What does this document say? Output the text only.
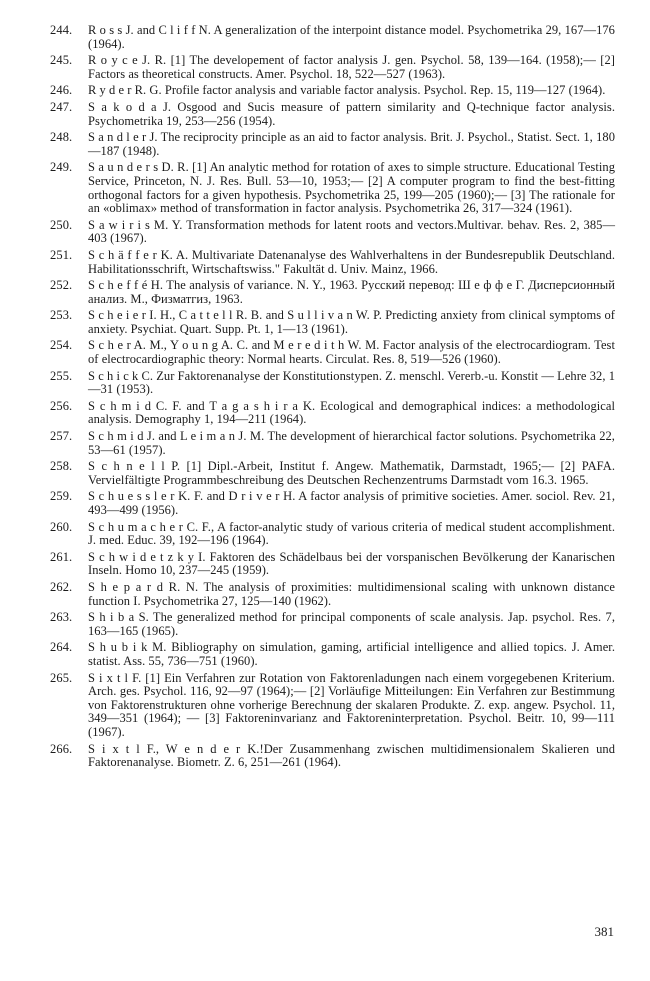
244.	R o s s J. and C l i f f N. A generalization of the interpoint distance model. Psychometrika 29, 167—176 (1964).
245.	R o y c e J. R. [1] The developement of factor analysis J. gen. Psychol. 58, 139—164. (1958);— [2] Factors as theoretical constructs. Amer. Psychol. 18, 522—527 (1963).
246.	R y d e r R. G. Profile factor analysis and variable factor analysis. Psychol. Rep. 15, 119—127 (1964).
247.	S a k o d a J. Osgood and Sucis measure of pattern similarity and Q-technique factor analysis. Psychometrika 19, 253—256 (1954).
248.	S a n d l e r J. The reciprocity principle as an aid to factor analysis. Brit. J. Psychol., Statist. Sect. 1, 180—187 (1948).
249.	S a u n d e r s D. R. [1] An analytic method for rotation of axes to simple structure. Educational Testing Service, Princeton, N. J. Res. Bull. 53—10, 1953;— [2] A computer program to find the best-fitting orthogonal factors for a given hypothesis. Psychometrika 25, 199—205 (1960);— [3] The rationale for an «oblimax» method of transformation in factor analysis. Psychometrika 26, 317—324 (1961).
250.	S a w i r i s M. Y. Transformation methods for latent roots and vectors.Multivar. behav. Res. 2, 385—403 (1967).
251.	S c h ä f f e r K. A. Multivariate Datenanalyse des Wahlverhaltens in der Bundesrepublik Deutschland. Habilitationsschrift, Wirtschaftswiss." Fakultät d. Univ. Mainz, 1966.
252.	S c h e f f é H. The analysis of variance. N. Y., 1963. Русский перевод: Ш е ф ф е Г. Дисперсионный анализ. М., Физматгиз, 1963.
253.	S c h e i e r I. H., C a t t e l l R. B. and S u l l i v a n W. P. Predicting anxiety from clinical symptoms of anxiety. Psychiat. Quart. Supp. Pt. 1, 1—13 (1961).
254.	S c h e r A. M., Y o u n g A. C. and M e r e d i t h W. M. Factor analysis of the electrocardiogram. Test of electrocardiographic theory: Normal hearts. Circulat. Res. 8, 519—526 (1960).
255.	S c h i c k C. Zur Faktorenanalyse der Konstitutionstypen. Z. menschl. Vererb.-u. Konstit — Lehre 32, 1—31 (1953).
256.	S c h m i d C. F. and T a g a s h i r a K. Ecological and demographical indices: a methodological analysis. Demography 1, 194—211 (1964).
257.	S c h m i d J. and L e i m a n J. M. The development of hierarchical factor solutions. Psychometrika 22, 53—61 (1957).
258.	S c h n e l l P. [1] Dipl.-Arbeit, Institut f. Angew. Mathematik, Darmstadt, 1965;— [2] PAFA. Vervielfältigte Programmbeschreibung des Deutschen Rechenzentrums Darmstadt vom 16.3. 1965.
259.	S c h u e s s l e r K. F. and D r i v e r H. A factor analysis of primitive societies. Amer. sociol. Rev. 21, 493—499 (1956).
260.	S c h u m a c h e r C. F., A factor-analytic study of various criteria of medical student accomplishment. J. med. Educ. 39, 192—196 (1964).
261.	S c h w i d e t z k y I. Faktoren des Schädelbaus bei der vorspanischen Bevölkerung der Kanarischen Inseln. Homo 10, 237—245 (1959).
262.	S h e p a r d R. N. The analysis of proximities: multidimensional scaling with unknown distance function I. Psychometrika 27, 125—140 (1962).
263.	S h i b a S. The generalized method for principal components of scale analysis. Jap. psychol. Res. 7, 163—165 (1965).
264.	S h u b i k M. Bibliography on simulation, gaming, artificial intelligence and allied topics. J. Amer. statist. Ass. 55, 736—751 (1960).
265.	S i x t l F. [1] Ein Verfahren zur Rotation von Faktorenladungen nach einem vorgegebenen Kriterium. Arch. ges. Psychol. 116, 92—97 (1964);— [2] Vorläufige Mitteilungen: Ein Verfahren zur Bestimmung von Faktorenstrukturen ohne vorherige Berechnung der skalaren Produkte. Z. exp. angew. Psychol. 11, 349—351 (1964); — [3] Faktoreninvarianz and Faktoreninterpretation. Psychol. Beitr. 10, 99—111 (1967).
266.	S i x t l F., W e n d e r K.!Der Zusammenhang zwischen multidimensionalem Skalieren und Faktorenanalyse. Biometr. Z. 6, 251—261 (1964).
381
